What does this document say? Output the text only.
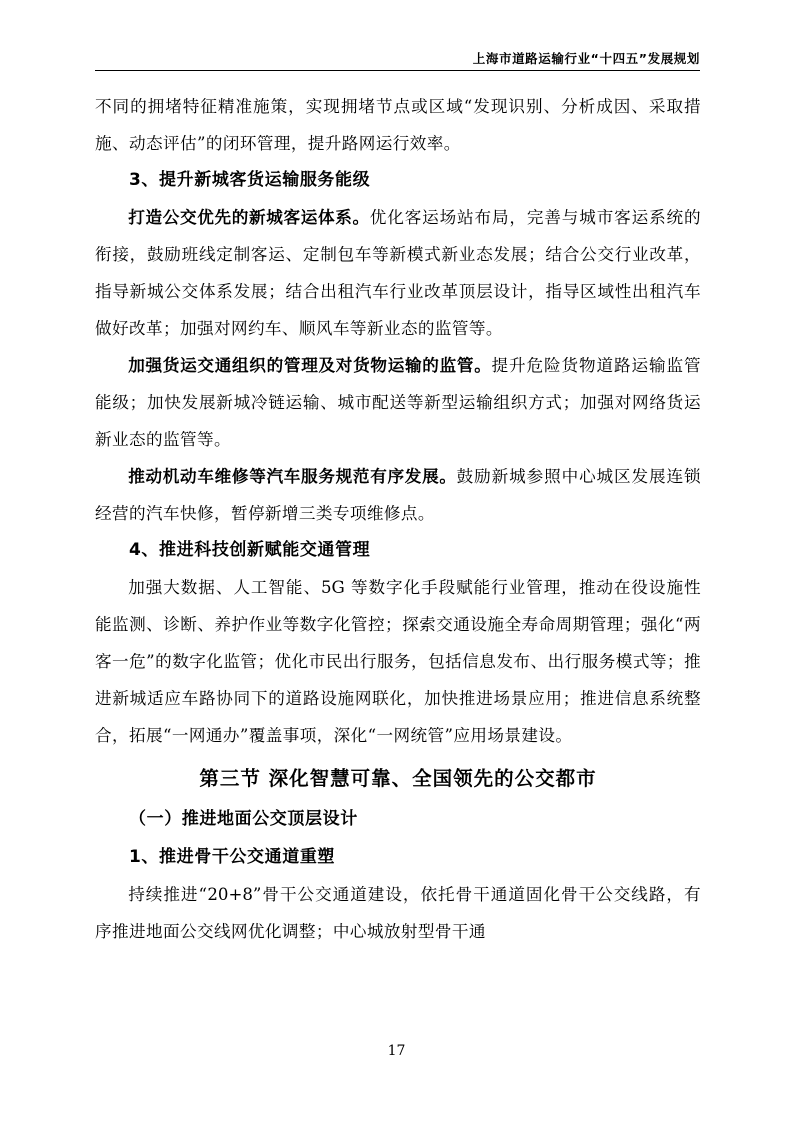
上海市道路运输行业“十四五”发展规划

不同的拥堵特征精准施策，实现拥堵节点或区域“发现识别、分析成因、采取措施、动态评估”的闭环管理，提升路网运行效率。

3、提升新城客货运输服务能级

打造公交优先的新城客运体系。优化客运场站布局，完善与城市客运系统的衔接，鼓励班线定制客运、定制包车等新模式新业态发展；结合公交行业改革，指导新城公交体系发展；结合出租汽车行业改革顶层设计，指导区域性出租汽车做好改革；加强对网约车、顺风车等新业态的监管等。

加强货运交通组织的管理及对货物运输的监管。提升危险货物道路运输监管能级；加快发展新城冷链运输、城市配送等新型运输组织方式；加强对网络货运新业态的监管等。

推动机动车维修等汽车服务规范有序发展。鼓励新城参照中心城区发展连锁经营的汽车快修，暂停新增三类专项维修点。

4、推进科技创新赋能交通管理

加强大数据、人工智能、5G 等数字化手段赋能行业管理，推动在役设施性能监测、诊断、养护作业等数字化管控；探索交通设施全寿命周期管理；强化“两客一危”的数字化监管；优化市民出行服务，包括信息发布、出行服务模式等；推进新城适应车路协同下的道路设施网联化，加快推进场景应用；推进信息系统整合，拓展“一网通办”覆盖事项，深化“一网统管”应用场景建设。

第三节 深化智慧可靠、全国领先的公交都市
（一）推进地面公交顶层设计
1、推进骨干公交通道重塑

持续推进“20+8”骨干公交通道建设，依托骨干通道固化骨干公交线路，有序推进地面公交线网优化调整；中心城放射型骨干通

17
